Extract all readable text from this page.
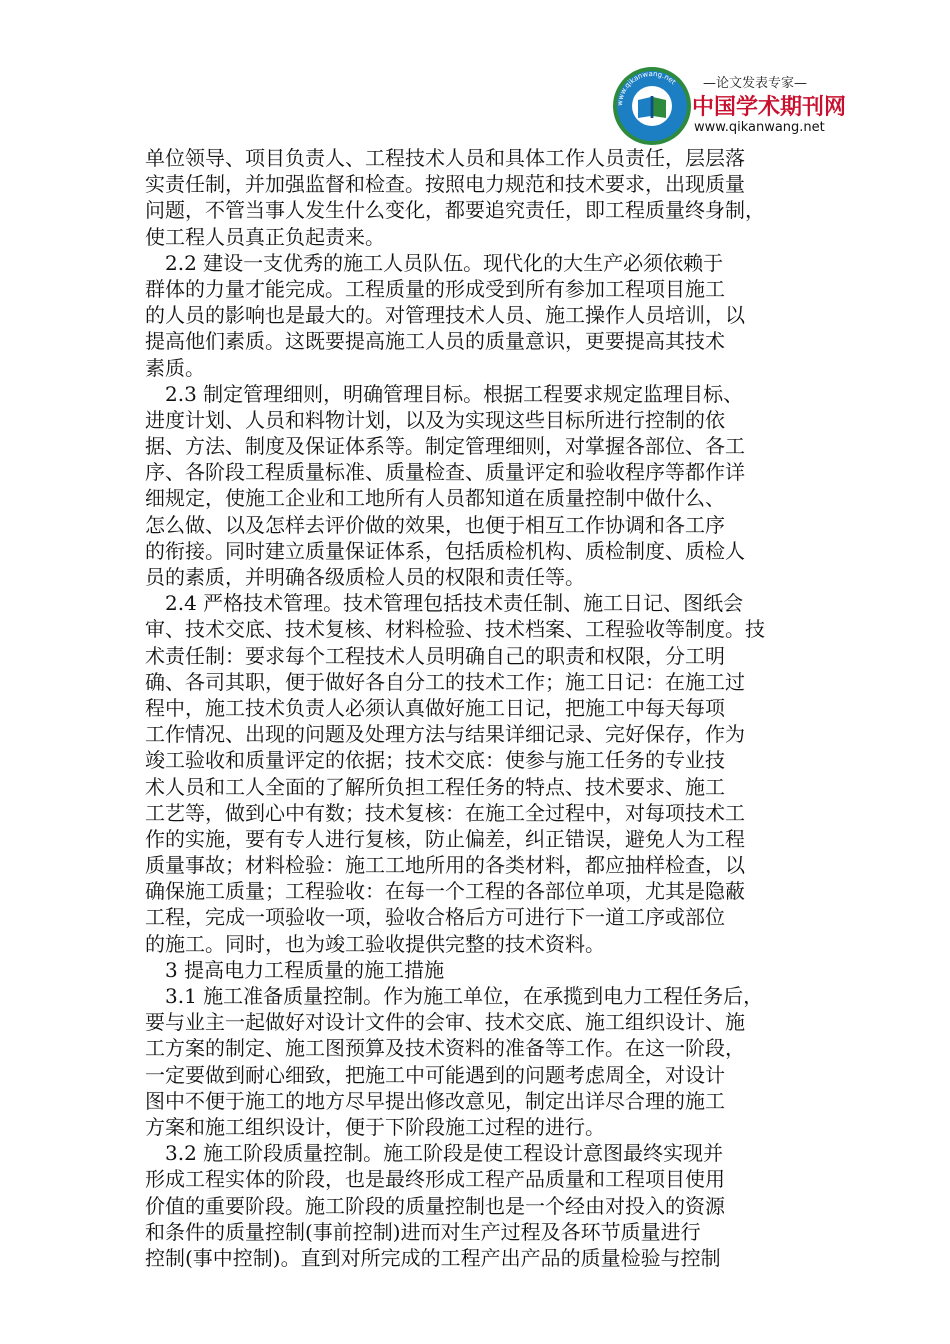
www.qikanwang.net	—论文发表专家—
中国学术期刊网
www.qikanwang.net
单位领导、项目负责人、工程技术人员和具体工作人员责任，层层落
实责任制，并加强监督和检查。按照电力规范和技术要求，出现质量
问题，不管当事人发生什么变化，都要追究责任，即工程质量终身制，
使工程人员真正负起责来。
　2.2 建设一支优秀的施工人员队伍。现代化的大生产必须依赖于
群体的力量才能完成。工程质量的形成受到所有参加工程项目施工
的人员的影响也是最大的。对管理技术人员、施工操作人员培训，以
提高他们素质。这既要提高施工人员的质量意识，更要提高其技术
素质。
　2.3 制定管理细则，明确管理目标。根据工程要求规定监理目标、
进度计划、人员和料物计划，以及为实现这些目标所进行控制的依
据、方法、制度及保证体系等。制定管理细则，对掌握各部位、各工
序、各阶段工程质量标准、质量检查、质量评定和验收程序等都作详
细规定，使施工企业和工地所有人员都知道在质量控制中做什么、
怎么做、以及怎样去评价做的效果，也便于相互工作协调和各工序
的衔接。同时建立质量保证体系，包括质检机构、质检制度、质检人
员的素质，并明确各级质检人员的权限和责任等。
　2.4 严格技术管理。技术管理包括技术责任制、施工日记、图纸会
审、技术交底、技术复核、材料检验、技术档案、工程验收等制度。技
术责任制：要求每个工程技术人员明确自己的职责和权限，分工明
确、各司其职，便于做好各自分工的技术工作；施工日记：在施工过
程中，施工技术负责人必须认真做好施工日记，把施工中每天每项
工作情况、出现的问题及处理方法与结果详细记录、完好保存，作为
竣工验收和质量评定的依据；技术交底：使参与施工任务的专业技
术人员和工人全面的了解所负担工程任务的特点、技术要求、施工
工艺等，做到心中有数；技术复核：在施工全过程中，对每项技术工
作的实施，要有专人进行复核，防止偏差，纠正错误，避免人为工程
质量事故；材料检验：施工工地所用的各类材料，都应抽样检查，以
确保施工质量；工程验收：在每一个工程的各部位单项，尤其是隐蔽
工程，完成一项验收一项，验收合格后方可进行下一道工序或部位
的施工。同时，也为竣工验收提供完整的技术资料。
　3 提高电力工程质量的施工措施
　3.1 施工准备质量控制。作为施工单位，在承揽到电力工程任务后，
要与业主一起做好对设计文件的会审、技术交底、施工组织设计、施
工方案的制定、施工图预算及技术资料的准备等工作。在这一阶段，
一定要做到耐心细致，把施工中可能遇到的问题考虑周全，对设计
图中不便于施工的地方尽早提出修改意见，制定出详尽合理的施工
方案和施工组织设计，便于下阶段施工过程的进行。
　3.2 施工阶段质量控制。施工阶段是使工程设计意图最终实现并
形成工程实体的阶段，也是最终形成工程产品质量和工程项目使用
价值的重要阶段。施工阶段的质量控制也是一个经由对投入的资源
和条件的质量控制(事前控制)进而对生产过程及各环节质量进行
控制(事中控制)。直到对所完成的工程产出产品的质量检验与控制
